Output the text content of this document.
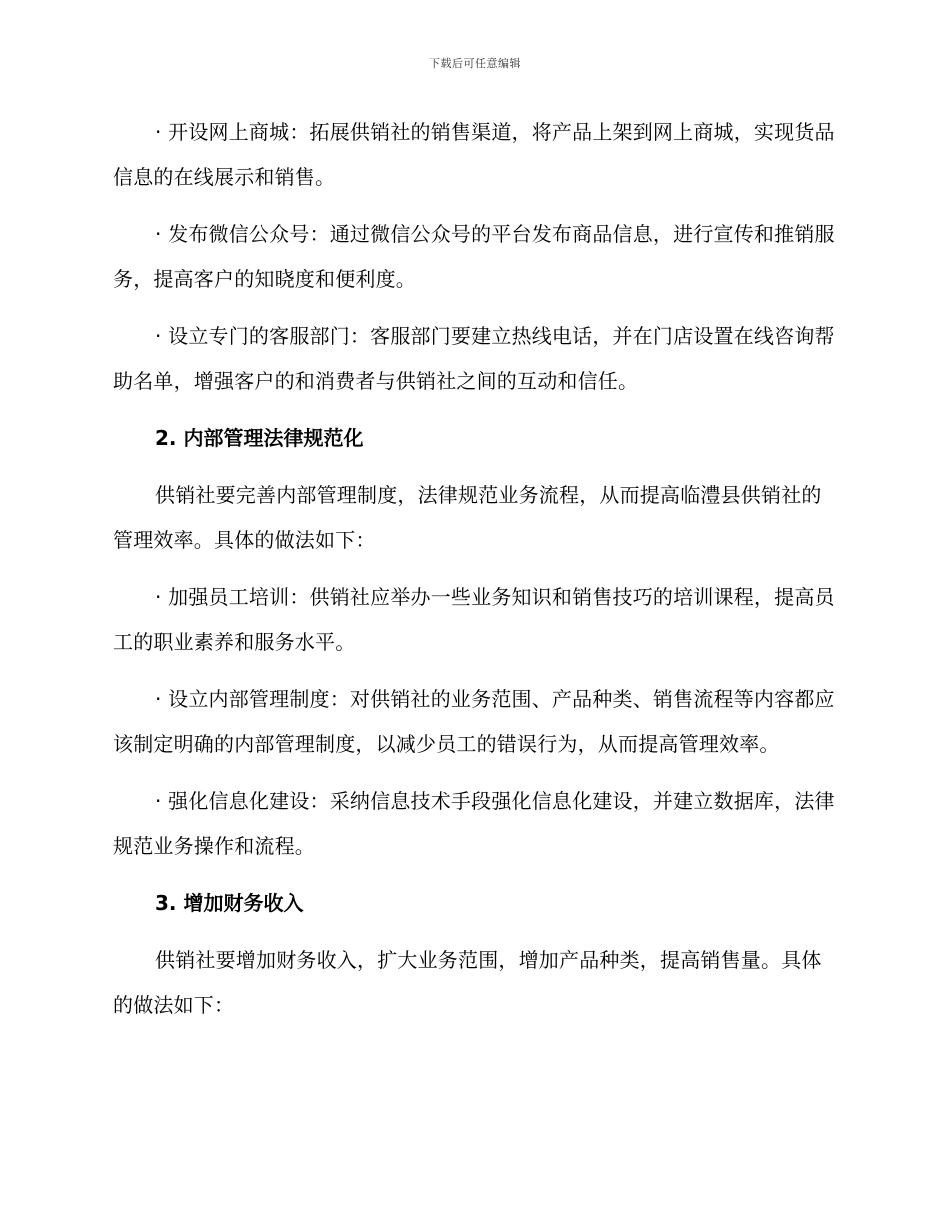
下载后可任意编辑

· 开设网上商城：拓展供销社的销售渠道，将产品上架到网上商城，实现货品信息的在线展示和销售。

· 发布微信公众号：通过微信公众号的平台发布商品信息，进行宣传和推销服务，提高客户的知晓度和便利度。

· 设立专门的客服部门：客服部门要建立热线电话，并在门店设置在线咨询帮助名单，增强客户的和消费者与供销社之间的互动和信任。

2. 内部管理法律规范化

供销社要完善内部管理制度，法律规范业务流程，从而提高临澧县供销社的管理效率。具体的做法如下：

· 加强员工培训：供销社应举办一些业务知识和销售技巧的培训课程，提高员工的职业素养和服务水平。

· 设立内部管理制度：对供销社的业务范围、产品种类、销售流程等内容都应该制定明确的内部管理制度，以减少员工的错误行为，从而提高管理效率。

· 强化信息化建设：采纳信息技术手段强化信息化建设，并建立数据库，法律规范业务操作和流程。

3. 增加财务收入

供销社要增加财务收入，扩大业务范围，增加产品种类，提高销售量。具体的做法如下：
